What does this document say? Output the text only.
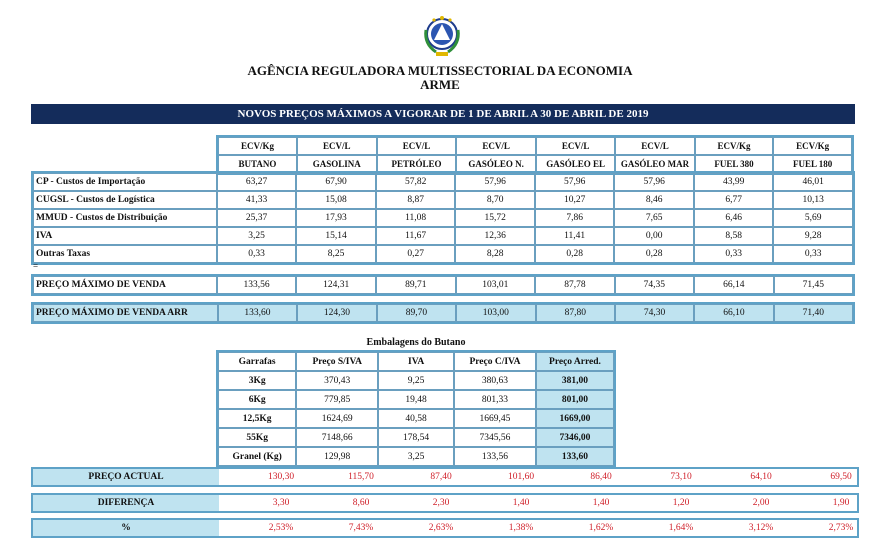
AGÊNCIA REGULADORA MULTISSECTORIAL DA ECONOMIA
ARME
NOVOS PREÇOS MÁXIMOS A VIGORAR DE 1 DE ABRIL A 30 DE ABRIL DE 2019
ECV/Kg	ECV/L	ECV/L	ECV/L	ECV/L	ECV/L	ECV/Kg	ECV/Kg
BUTANO	GASOLINA	PETRÓLEO	GASÓLEO N.	GASÓLEO EL	GASÓLEO MAR	FUEL 380	FUEL 180
CP - Custos de Importação	63,27	67,90	57,82	57,96	57,96	57,96	43,99	46,01
CUGSL - Custos de Logística	41,33	15,08	8,87	8,70	10,27	8,46	6,77	10,13
MMUD - Custos de Distribuição	25,37	17,93	11,08	15,72	7,86	7,65	6,46	5,69
IVA	3,25	15,14	11,67	12,36	11,41	0,00	8,58	9,28
Outras Taxas	0,33	8,25	0,27	8,28	0,28	0,28	0,33	0,33
=
PREÇO MÁXIMO DE VENDA	133,56	124,31	89,71	103,01	87,78	74,35	66,14	71,45
PREÇO MÁXIMO DE VENDA ARR	133,60	124,30	89,70	103,00	87,80	74,30	66,10	71,40
Embalagens do Butano
Garrafas	Preço S/IVA	IVA	Preço C/IVA	Preço Arred.
3Kg	370,43	9,25	380,63	381,00
6Kg	779,85	19,48	801,33	801,00
12,5Kg	1624,69	40,58	1669,45	1669,00
55Kg	7148,66	178,54	7345,56	7346,00
Granel (Kg)	129,98	3,25	133,56	133,60
PREÇO ACTUAL	130,30	115,70	87,40	101,60	86,40	73,10	64,10	69,50
DIFERENÇA	3,30	8,60	2,30	1,40	1,40	1,20	2,00	1,90
%	2,53%	7,43%	2,63%	1,38%	1,62%	1,64%	3,12%	2,73%
